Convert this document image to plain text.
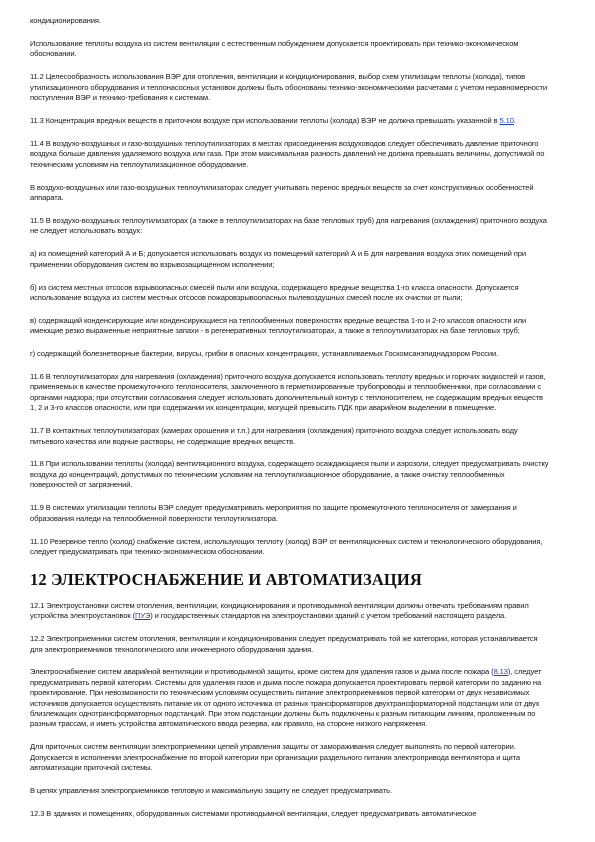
кондиционирования.

Использование теплоты воздуха из систем вентиляции с естественным побуждением допускается проектировать при технико-экономическом обосновании.

11.2 Целесообразность использования ВЭР для отопления, вентиляции и кондиционирования, выбор схем утилизации теплоты (холода), типов утилизационного оборудования и теплонасосных установок должны быть обоснованы технико-экономическими расчетами с учетом неравномерности поступления ВЭР и технико-требования к системам.

11.3 Концентрация вредных веществ в приточном воздухе при использовании теплоты (холода) ВЭР не должна превышать указанной в 5.10.

11.4 В воздухо-воздушных и газо-воздушных теплоутилизаторах в местах присоединения воздуховодов следует обеспечивать давление приточного воздуха больше давления удаляемого воздуха или газа. При этом максимальная разность давлений не должна превышать величины, допустимой по техническим условиям на теплоутилизационное оборудование.

В воздухо-воздушных или газо-воздушных теплоутилизаторах следует учитывать перенос вредных веществ за счет конструктивных особенностей аппарата.

11.5 В воздухо-воздушных теплоутилизаторах (а также в теплоутилизаторах на базе тепловых труб) для нагревания (охлаждения) приточного воздуха не следует использовать воздух:

а) из помещений категорий А и Б; допускается использовать воздух из помещений категорий А и Б для нагревания воздуха этих помещений при применении оборудования систем во взрывозащищенном исполнении;

б) из систем местных отсосов взрывоопасных смесей пыли или воздуха, содержащего вредные вещества 1-го класса опасности. Допускается использование воздуха из систем местных отсосов пожаровзрывоопасных пылевоздушных смесей после их очистки от пыли;

в) содержащий конденсирующие или конденсирующиеся на теплообменных поверхностях вредные вещества 1-го и 2-го классов опасности или имеющие резко выраженные неприятные запахи - в регенеративных теплоутилизаторах, а также в теплоутилизаторах на базе тепловых труб;

г) содержащий болезнетворные бактерии, вирусы, грибки в опасных концентрациях, устанавливаемых Госкомсанэпиднадзором России.

11.6 В теплоутилизаторах для нагревания (охлаждения) приточного воздуха допускается использовать теплоту вредных и горючих жидкостей и газов, применяемых в качестве промежуточного теплоносителя, заключенного в герметизированные трубопроводы и теплообменники, при согласовании с органами надзора; при отсутствии согласования следует использовать дополнительный контур с теплоносителем, не содержащим вредных веществ 1, 2 и 3-го классов опасности, или при содержании их концентрации, могущей превысить ПДК при аварийном выделении в помещение.

11.7 В контактных теплоутилизаторах (камерах орошения и т.п.) для нагревания (охлаждения) приточного воздуха следует использовать воду питьевого качества или водные растворы, не содержащие вредных веществ.

11.8 При использовании теплоты (холода) вентиляционного воздуха, содержащего осаждающиеся пыли и аэрозоли, следует предусматривать очистку воздуха до концентраций, допустимых по техническим условиям на теплоутилизационное оборудование, а также очистку теплообменных поверхностей от загрязнений.

11.9 В системах утилизации теплоты ВЭР следует предусматривать мероприятия по защите промежуточного теплоносителя от замерзания и образования наледи на теплообменной поверхности теплоутилизатора.

11.10 Резервное тепло (холод) снабжение систем, использующих теплоту (холод) ВЭР от вентиляционных систем и технологического оборудования, следует предусматривать при технико-экономическом обосновании.

12 ЭЛЕКТРОСНАБЖЕНИЕ И АВТОМАТИЗАЦИЯ

12.1 Электроустановки систем отопления, вентиляции, кондиционирования и противодымной вентиляции должны отвечать требованиям правил устройства электроустановок (ПУЭ) и государственных стандартов на электроустановки зданий с учетом требований настоящего раздела.

12.2 Электроприемники систем отопления, вентиляции и кондиционирования следует предусматривать той же категории, которая устанавливается для электроприемников технологического или инженерного оборудования здания.

Электроснабжение систем аварийной вентиляции и противодымной защиты, кроме систем для удаления газов и дыма после пожара (8.13), следует предусматривать первой категории. Системы для удаления газов и дыма после пожара допускается проектировать первой категории по заданию на проектирование. При невозможности по техническим условиям осуществить питание электроприемников первой категории от двух независимых источников допускается осуществлять питание их от одного источника от разных трансформаторов двухтрансформаторной подстанции или от двух близлежащих однотрансформаторных подстанций. При этом подстанции должны быть подключены к разным питающим линиям, проложенным по разным трассам, и иметь устройства автоматического ввода резерва, как правило, на стороне низкого напряжения.

Для приточных систем вентиляции электроприемники цепей управления защиты от замораживания следует выполнять по первой категории. Допускается в исполнении электроснабжение по второй категории при организации раздельного питания электропривода вентилятора и щита автоматизации приточной системы.

В цепях управления электроприемников тепловую и максимальную защиту не следует предусматривать.

12.3 В зданиях и помещениях, оборудованных системами противодымной вентиляции, следует предусматривать автоматическое
